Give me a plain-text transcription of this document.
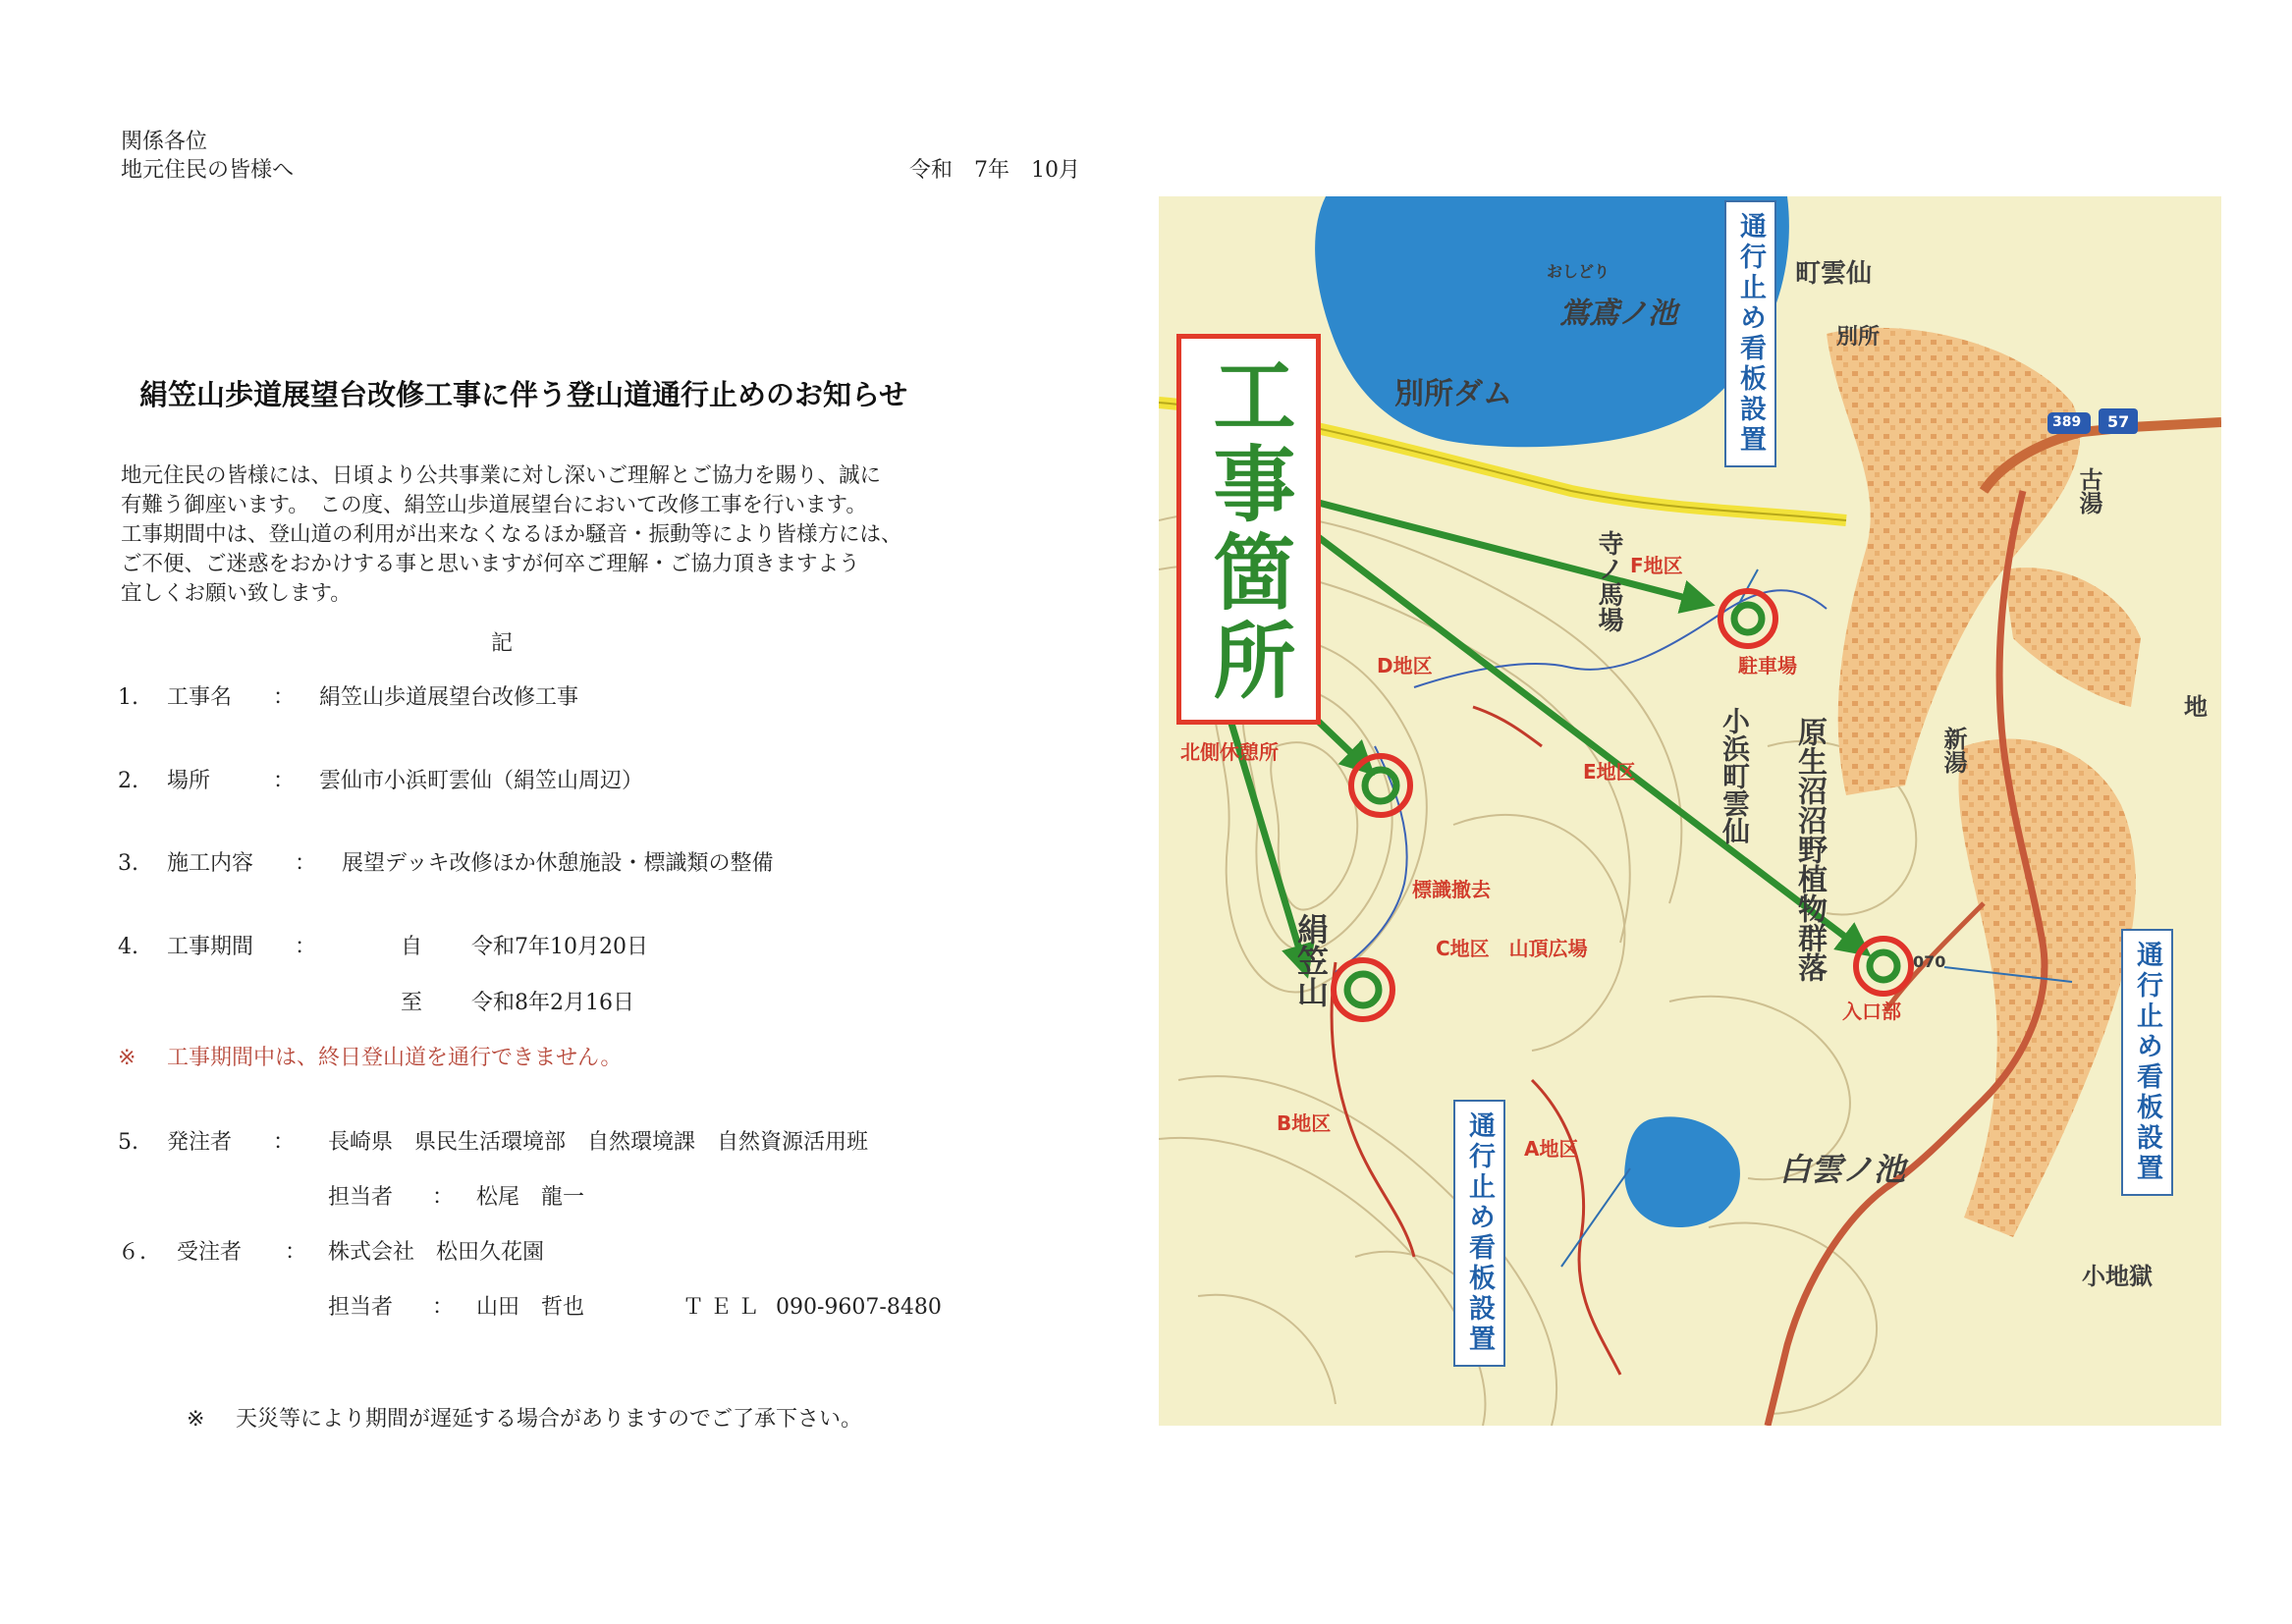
関係各位
地元住民の皆様へ	令和　7年　10月
絹笠山歩道展望台改修工事に伴う登山道通行止めのお知らせ
地元住民の皆様には、日頃より公共事業に対し深いご理解とご協力を賜り、誠に
有難う御座います。　この度、絹笠山歩道展望台において改修工事を行います。
工事期間中は、登山道の利用が出来なくなるほか騒音・振動等により皆様方には、
ご不便、ご迷惑をおかけする事と思いますが何卒ご理解・ご協力頂きますよう
宜しくお願い致します。
記
1. 工事名 ： 絹笠山歩道展望台改修工事
2. 場所	： 雲仙市小浜町雲仙（絹笠山周辺）
3. 施工内容 ： 展望デッキ改修ほか休憩施設・標識類の整備
4. 工事期間 ：	自 令和7年10月20日
至 令和8年2月16日
※ 工事期間中は、終日登山道を通行できません。
5. 発注者 ： 長崎県　県民生活環境部　自然環境課　自然資源活用班
担当者 ： 松尾　龍一
６. 受注者 ： 株式会社　松田久花園
担当者 ： 山田　哲也	ＴＥＬ 090-9607-8480
※ 天災等により期間が遅延する場合がありますのでご了承下さい。
工事箇所
通行止め看板設置
通行止め看板設置
通行止め看板設置
おしどり
鴬鳶ノ池
別所ダム
町雲仙
別所
389 57
古湯
寺ノ馬場 F地区
駐車場
D地区
北側休憩所
E地区
標識撤去
C地区　山頂広場
絹笠山
B地区
A地区
入口部
070
白雲ノ池
小浜町雲仙 原生沼沼野植物群落	新湯
小地獄
地
